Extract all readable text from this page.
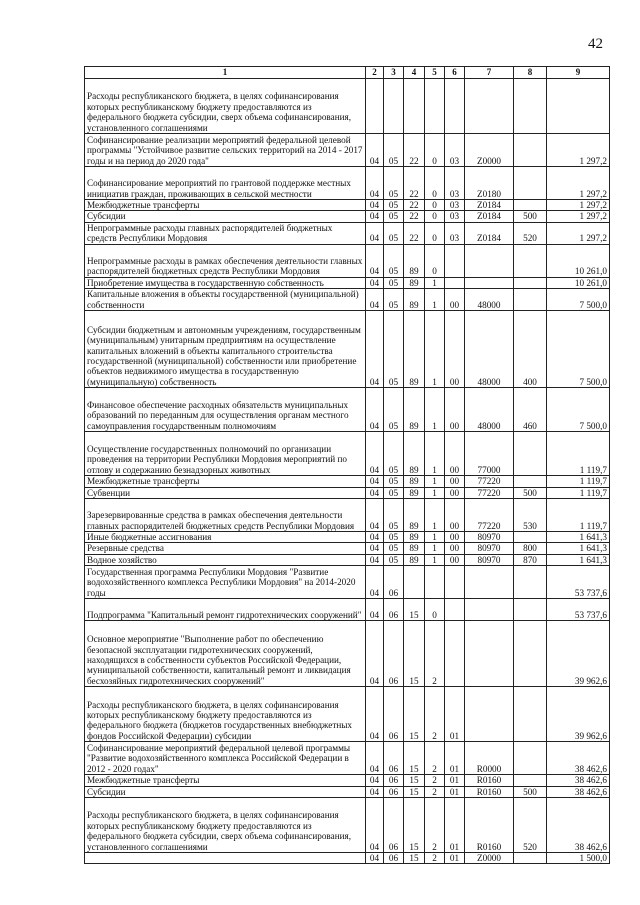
42
1	2	3	4	5	6	7	8	9
Расходы республиканского бюджета, в целях софинансирования которых республиканскому бюджету предоставляются из федерального бюджета субсидии, сверх объема софинансирования, установленного соглашениями								
Софинансирование реализации мероприятий федеральной целевой программы "Устойчивое развитие сельских территорий на 2014 - 2017 годы и на период до 2020 года"	04	05	22	0	03	Z0000		1 297,2
Софинансирование мероприятий по грантовой поддержке местных инициатив граждан, проживающих в сельской местности	04	05	22	0	03	Z0180		1 297,2
Межбюджетные трансферты	04	05	22	0	03	Z0184		1 297,2
Субсидии	04	05	22	0	03	Z0184	500	1 297,2
Непрограммные расходы главных распорядителей бюджетных средств Республики Мордовия	04	05	22	0	03	Z0184	520	1 297,2
Непрограммные расходы в рамках обеспечения деятельности главных распорядителей бюджетных средств Республики Мордовия	04	05	89	0				10 261,0
Приобретение имущества в государственную собственность	04	05	89	1				10 261,0
Капитальные вложения в объекты государственной (муниципальной) собственности	04	05	89	1	00	48000		7 500,0
Субсидии бюджетным и автономным учреждениям, государственным (муниципальным) унитарным предприятиям на осуществление капитальных вложений в объекты капитального строительства государственной (муниципальной) собственности или приобретение объектов недвижимого имущества в государственную (муниципальную) собственность	04	05	89	1	00	48000	400	7 500,0
Финансовое обеспечение расходных обязательств муниципальных образований по переданным для осуществления органам местного самоуправления государственным полномочиям	04	05	89	1	00	48000	460	7 500,0
Осуществление государственных полномочий по организации проведения на территории Республики Мордовия мероприятий по отлову и содержанию безнадзорных животных	04	05	89	1	00	77000		1 119,7
Межбюджетные трансферты	04	05	89	1	00	77220		1 119,7
Субвенции	04	05	89	1	00	77220	500	1 119,7
Зарезервированные средства в рамках обеспечения деятельности главных распорядителей бюджетных средств Республики Мордовия	04	05	89	1	00	77220	530	1 119,7
Иные бюджетные ассигнования	04	05	89	1	00	80970		1 641,3
Резервные средства	04	05	89	1	00	80970	800	1 641,3
Водное хозяйство	04	05	89	1	00	80970	870	1 641,3
Государственная программа Республики Мордовия "Развитие водохозяйственного комплекса Республики Мордовия" на 2014-2020 годы	04	06						53 737,6
Подпрограмма "Капитальный ремонт гидротехнических сооружений"	04	06	15	0				53 737,6
Основное мероприятие "Выполнение работ по обеспечению безопасной эксплуатации гидротехнических сооружений, находящихся в собственности субъектов Российской Федерации, муниципальной собственности, капитальный ремонт и ликвидация бесхозяйных гидротехнических сооружений"	04	06	15	2				39 962,6
Расходы республиканского бюджета, в целях софинансирования которых республиканскому бюджету предоставляются из федерального бюджета (бюджетов государственных внебюджетных фондов Российской Федерации) субсидии	04	06	15	2	01			39 962,6
Софинансирование мероприятий федеральной целевой программы "Развитие водохозяйственного комплекса Российской Федерации в 2012 - 2020 годах"	04	06	15	2	01	R0000		38 462,6
Межбюджетные трансферты	04	06	15	2	01	R0160		38 462,6
Субсидии	04	06	15	2	01	R0160	500	38 462,6
Расходы республиканского бюджета, в целях софинансирования которых республиканскому бюджету предоставляются из федерального бюджета субсидии, сверх объема софинансирования, установленного соглашениями	04	06	15	2	01	R0160	520	38 462,6
	04	06	15	2	01	Z0000		1 500,0
